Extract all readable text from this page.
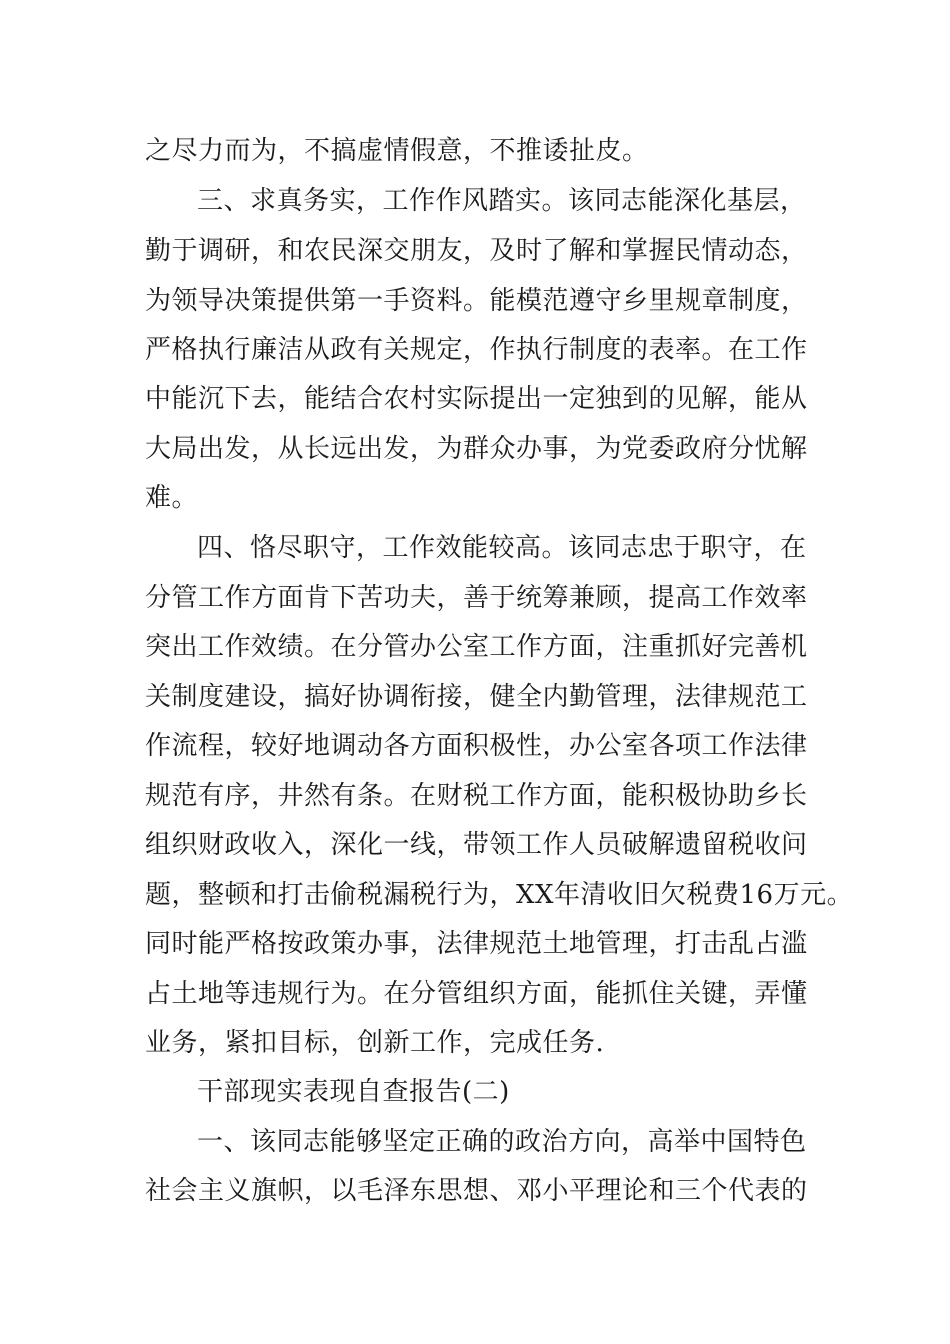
之尽力而为，不搞虚情假意，不推诿扯皮。
三、求真务实，工作作风踏实。该同志能深化基层，
勤于调研，和农民深交朋友，及时了解和掌握民情动态，
为领导决策提供第一手资料。能模范遵守乡里规章制度，
严格执行廉洁从政有关规定，作执行制度的表率。在工作
中能沉下去，能结合农村实际提出一定独到的见解，能从
大局出发，从长远出发，为群众办事，为党委政府分忧解
难。
四、恪尽职守，工作效能较高。该同志忠于职守，在
分管工作方面肯下苦功夫，善于统筹兼顾，提高工作效率
突出工作效绩。在分管办公室工作方面，注重抓好完善机
关制度建设，搞好协调衔接，健全内勤管理，法律规范工
作流程，较好地调动各方面积极性，办公室各项工作法律
规范有序，井然有条。在财税工作方面，能积极协助乡长
组织财政收入，深化一线，带领工作人员破解遗留税收问
题，整顿和打击偷税漏税行为，XX年清收旧欠税费16万元。
同时能严格按政策办事，法律规范土地管理，打击乱占滥
占土地等违规行为。在分管组织方面，能抓住关键，弄懂
业务，紧扣目标，创新工作，完成任务.
干部现实表现自查报告(二)
一、该同志能够坚定正确的政治方向，高举中国特色
社会主义旗帜，以毛泽东思想、邓小平理论和三个代表的
